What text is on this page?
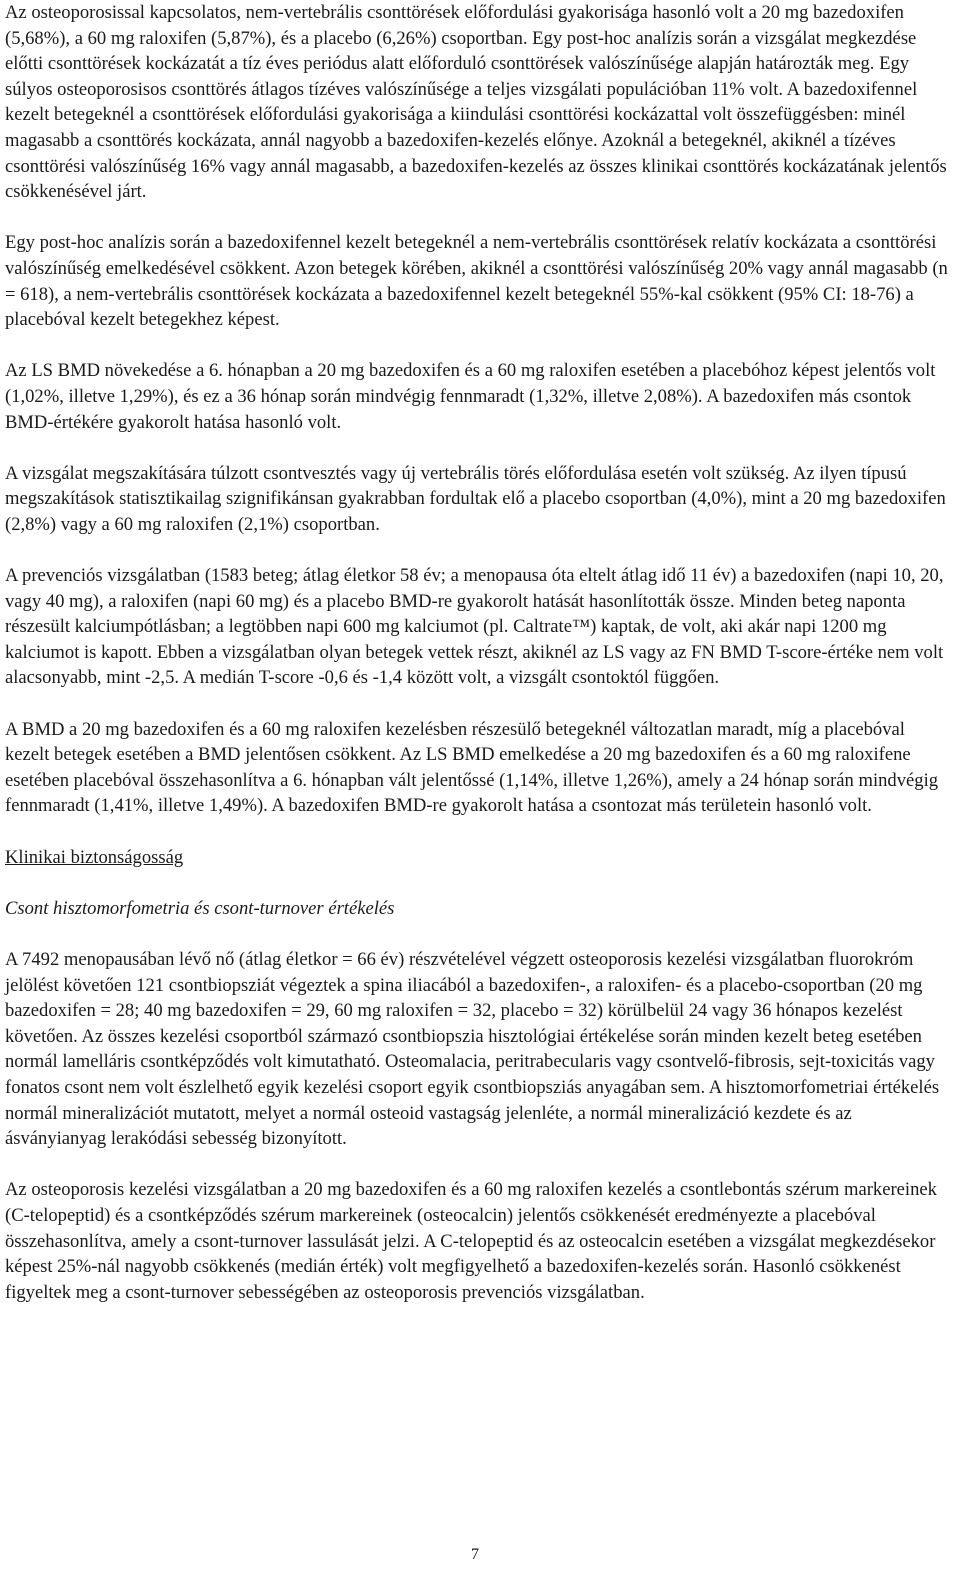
Az osteoporosissal kapcsolatos, nem-vertebrális csonttörések előfordulási gyakorisága hasonló volt a 20 mg bazedoxifen (5,68%), a 60 mg raloxifen (5,87%), és a placebo (6,26%) csoportban. Egy post-hoc analízis során a vizsgálat megkezdése előtti csonttörések kockázatát a tíz éves periódus alatt előforduló csonttörések valószínűsége alapján határozták meg. Egy súlyos osteoporosisos csonttörés átlagos tízéves valószínűsége a teljes vizsgálati populációban 11% volt. A bazedoxifennel kezelt betegeknél a csonttörések előfordulási gyakorisága a kiindulási csonttörési kockázattal volt összefüggésben: minél magasabb a csonttörés kockázata, annál nagyobb a bazedoxifen-kezelés előnye. Azoknál a betegeknél, akiknél a tízéves csonttörési valószínűség 16% vagy annál magasabb, a bazedoxifen-kezelés az összes klinikai csonttörés kockázatának jelentős csökkenésével járt.

Egy post-hoc analízis során a bazedoxifennel kezelt betegeknél a nem-vertebrális csonttörések relatív kockázata a csonttörési valószínűség emelkedésével csökkent. Azon betegek körében, akiknél a csonttörési valószínűség 20% vagy annál magasabb (n = 618), a nem-vertebrális csonttörések kockázata a bazedoxifennel kezelt betegeknél 55%-kal csökkent (95% CI: 18-76) a placebóval kezelt betegekhez képest.

Az LS BMD növekedése a 6. hónapban a 20 mg bazedoxifen és a 60 mg raloxifen esetében a placebóhoz képest jelentős volt (1,02%, illetve 1,29%), és ez a 36 hónap során mindvégig fennmaradt (1,32%, illetve 2,08%). A bazedoxifen más csontok BMD-értékére gyakorolt hatása hasonló volt.

A vizsgálat megszakítására túlzott csontvesztés vagy új vertebrális törés előfordulása esetén volt szükség. Az ilyen típusú megszakítások statisztikailag szignifikánsan gyakrabban fordultak elő a placebo csoportban (4,0%), mint a 20 mg bazedoxifen (2,8%) vagy a 60 mg raloxifen (2,1%) csoportban.

A prevenciós vizsgálatban (1583 beteg; átlag életkor 58 év; a menopausa óta eltelt átlag idő 11 év) a bazedoxifen (napi 10, 20, vagy 40 mg), a raloxifen (napi 60 mg) és a placebo BMD-re gyakorolt hatását hasonlították össze. Minden beteg naponta részesült kalciumpótlásban; a legtöbben napi 600 mg kalciumot (pl. Caltrate™) kaptak, de volt, aki akár napi 1200 mg kalciumot is kapott. Ebben a vizsgálatban olyan betegek vettek részt, akiknél az LS vagy az FN BMD T-score-értéke nem volt alacsonyabb, mint -2,5. A medián T-score -0,6 és -1,4 között volt, a vizsgált csontoktól függően.

A BMD a 20 mg bazedoxifen és a 60 mg raloxifen kezelésben részesülő betegeknél változatlan maradt, míg a placebóval kezelt betegek esetében a BMD jelentősen csökkent. Az LS BMD emelkedése a 20 mg bazedoxifen és a 60 mg raloxifene esetében placebóval összehasonlítva a 6. hónapban vált jelentőssé (1,14%, illetve 1,26%), amely a 24 hónap során mindvégig fennmaradt (1,41%, illetve 1,49%). A bazedoxifen BMD-re gyakorolt hatása a csontozat más területein hasonló volt.

Klinikai biztonságosság

Csont hisztomorfometria és csont-turnover értékelés

A 7492 menopausában lévő nő (átlag életkor = 66 év) részvételével végzett osteoporosis kezelési vizsgálatban fluorokróm jelölést követően 121 csontbiopsziát végeztek a spina iliacából a bazedoxifen-, a raloxifen- és a placebo-csoportban (20 mg bazedoxifen = 28; 40 mg bazedoxifen = 29, 60 mg raloxifen = 32, placebo = 32) körülbelül 24 vagy 36 hónapos kezelést követően. Az összes kezelési csoportból származó csontbiopszia hisztológiai értékelése során minden kezelt beteg esetében normál lamelláris csontképződés volt kimutatható. Osteomalacia, peritrabecularis vagy csontvelő-fibrosis, sejt-toxicitás vagy fonatos csont nem volt észlelhető egyik kezelési csoport egyik csontbiopsziás anyagában sem. A hisztomorfometriai értékelés normál mineralizációt mutatott, melyet a normál osteoid vastagság jelenléte, a normál mineralizáció kezdete és az ásványianyag lerakódási sebesség bizonyított.

Az osteoporosis kezelési vizsgálatban a 20 mg bazedoxifen és a 60 mg raloxifen kezelés a csontlebontás szérum markereinek (C-telopeptid) és a csontképződés szérum markereinek (osteocalcin) jelentős csökkenését eredményezte a placebóval összehasonlítva, amely a csont-turnover lassulását jelzi. A C-telopeptid és az osteocalcin esetében a vizsgálat megkezdésekor képest 25%-nál nagyobb csökkenés (medián érték) volt megfigyelhető a bazedoxifen-kezelés során. Hasonló csökkenést figyeltek meg a csont-turnover sebességében az osteoporosis prevenciós vizsgálatban.

7
